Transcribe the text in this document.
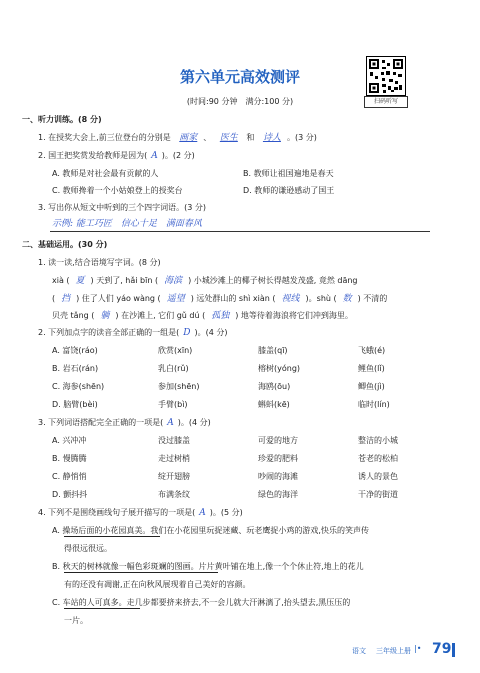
第六单元高效测评
扫码听写
(时间:90 分钟　满分:100 分)
一、听力训练。(8 分)
1. 在授奖大会上,前三位登台的分别是 画家 、 医生 和 诗人 。(3 分)
2. 国王把奖赏发给教师是因为( A )。(2 分)
A. 教师是对社会最有贡献的人	B. 教师让祖国遍地是春天
C. 教师搀着一个小姑娘登上的授奖台	D. 教师的谦逊感动了国王
3. 写出你从短文中听到的三个四字词语。(3 分)
示例: 能工巧匠　信心十足　满面春风
二、基础运用。(30 分)
1. 读一读,结合语境写字词。(8 分)
xià ( 夏 ) 天到了, hǎi bīn ( 海滨 ) 小城沙滩上的椰子树长得越发茂盛, 竟然 dāng
( 挡 ) 住了人们 yáo wàng ( 遥望 ) 远处群山的 shì xiàn ( 视线 )。shù ( 数 ) 不清的
贝壳 tǎng ( 躺 ) 在沙滩上, 它们 gǔ dú ( 孤独 ) 地等待着海浪将它们冲到海里。
2. 下列加点字的读音全部正确的一组是( D )。(4 分)
A. 富饶(ráo)	欣赏(xīn)	膝盖(qī)	飞蛾(é)
B. 岩石(rán)	乳白(rǔ)	榕树(yóng)	鲤鱼(lǐ)
C. 海参(shēn)	参加(shēn)	海鸥(ōu)	鲫鱼(jì)
D. 脑臂(bèi)	手臂(bì)	蝌蚪(kē)	临时(lín)
3. 下列词语搭配完全正确的一项是( A )。(4 分)
A. 兴冲冲	没过膝盖	可爱的地方	整洁的小城
B. 慢腾腾	走过树梢	珍爱的肥料	苍老的松柏
C. 静悄悄	绽开翅膀	吵闹的海滩	诱人的景色
D. 颤抖抖	布满条纹	绿色的海洋	干净的街道
4. 下列不是围绕画线句子展开描写的一项是( A )。(5 分)
A. 操场后面的小花园真美。我们在小花园里玩捉迷藏、玩老鹰捉小鸡的游戏,快乐的笑声传
得很远很远。
B. 秋天的树林就像一幅色彩斑斓的图画。片片黄叶铺在地上,像一个个休止符,地上的花儿
有的还没有凋谢,正在向秋风展现着自己美好的容颜。
C. 车站的人可真多。走几步都要挤来挤去,不一会儿就大汗淋漓了,抬头望去,黑压压的
一片。
语文 三年级上册 |• 79
